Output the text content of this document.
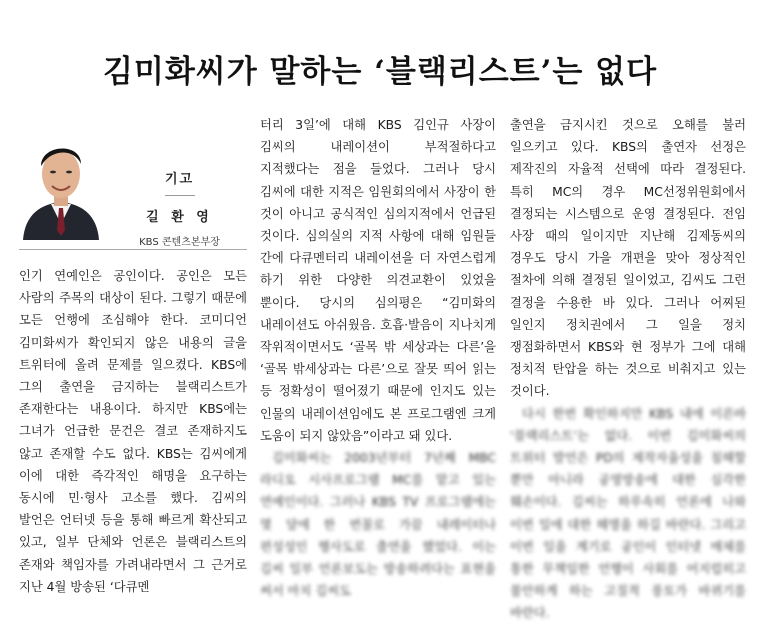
김미화씨가 말하는 ‘블랙리스트’는 없다
기고
길 환 영
KBS 콘텐츠본부장

인기 연예인은 공인이다. 공인은 모든 사람의 주목의 대상이 된다. 그렇기 때문에 모든 언행에 조심해야 한다. 코미디언 김미화씨가 확인되지 않은 내용의 글을 트위터에 올려 문제를 일으켰다. KBS에 그의 출연을 금지하는 블랙리스트가 존재한다는 내용이다. 하지만 KBS에는 그녀가 언급한 문건은 결코 존재하지도 않고 존재할 수도 없다. KBS는 김씨에게 이에 대한 즉각적인 해명을 요구하는 동시에 민·형사 고소를 했다. 김씨의 발언은 언터넷 등을 통해 빠르게 확산되고 있고, 일부 단체와 언론은 블랙리스트의 존재와 책임자를 가려내라면서 그 근거로 지난 4월 방송된 ‘다큐멘

터리 3일’에 대해 KBS 김인규 사장이 김씨의 내레이션이 부적절하다고 지적했다는 점을 들었다. 그러나 당시 김씨에 대한 지적은 임원회의에서 사장이 한 것이 아니고 공식적인 심의지적에서 언급된 것이다. 심의실의 지적 사항에 대해 임원들 간에 다큐멘터리 내레이션을 더 자연스럽게 하기 위한 다양한 의견교환이 있었을 뿐이다. 당시의 심의평은 “김미화의 내레이션도 아쉬웠음. 호흡·발음이 지나치게 작위적이면서도 ‘골목 밖 세상과는 다른’을 ‘골목 밖세상과는 다른’으로 잘못 띄어 읽는 등 정확성이 떨어졌기 때문에 인지도 있는 인물의 내레이션임에도 본 프로그램엔 크게 도움이 되지 않았음”이라고 돼 있다.

김미화씨는 2003년부터 7년째 MBC 라디오 시사프로그램 MC를 맡고 있는 연예인이다. 그러나 KBS TV 프로그램에는 몇 달에 한 번꼴로 가끔 내레이터나 편성성인 행사도로 출연을 했었다. 이는 김씨 일부 언론보도는 방송하려다는 표현을 써서 마치 김씨도

출연을 금지시킨 것으로 오해를 불러 일으키고 있다. KBS의 출연자 선정은 제작진의 자율적 선택에 따라 결정된다. 특히 MC의 경우 MC선정위원회에서 결정되는 시스템으로 운영 결정된다. 전임 사장 때의 일이지만 지난해 김제동씨의 경우도 당시 가을 개편을 맞아 정상적인 절차에 의해 결정된 일이었고, 김씨도 그런 결정을 수용한 바 있다. 그러나 어찌된 일인지 정치권에서 그 일을 정치 쟁점화하면서 KBS와 현 정부가 그에 대해 정치적 탄압을 하는 것으로 비춰지고 있는 것이다.

다시 한번 확인하지만 KBS 내에 이른바 ‘블랙리스트’는 없다. 이번 김미화씨의 트위터 발언은 PD의 제작자율성을 침해할 뿐만 아니라 공영방송에 대한 심각한 훼손이다. 김씨는 하루속히 언론에 나와 이번 일에 대한 해명을 하길 바란다. 그리고 이번 일을 계기로 공인이 인터넷 매체를 통한 무책임한 언행이 사회를 어지럽히고 불안하게 하는 고질적 풍토가 바뀌기를 바란다.
